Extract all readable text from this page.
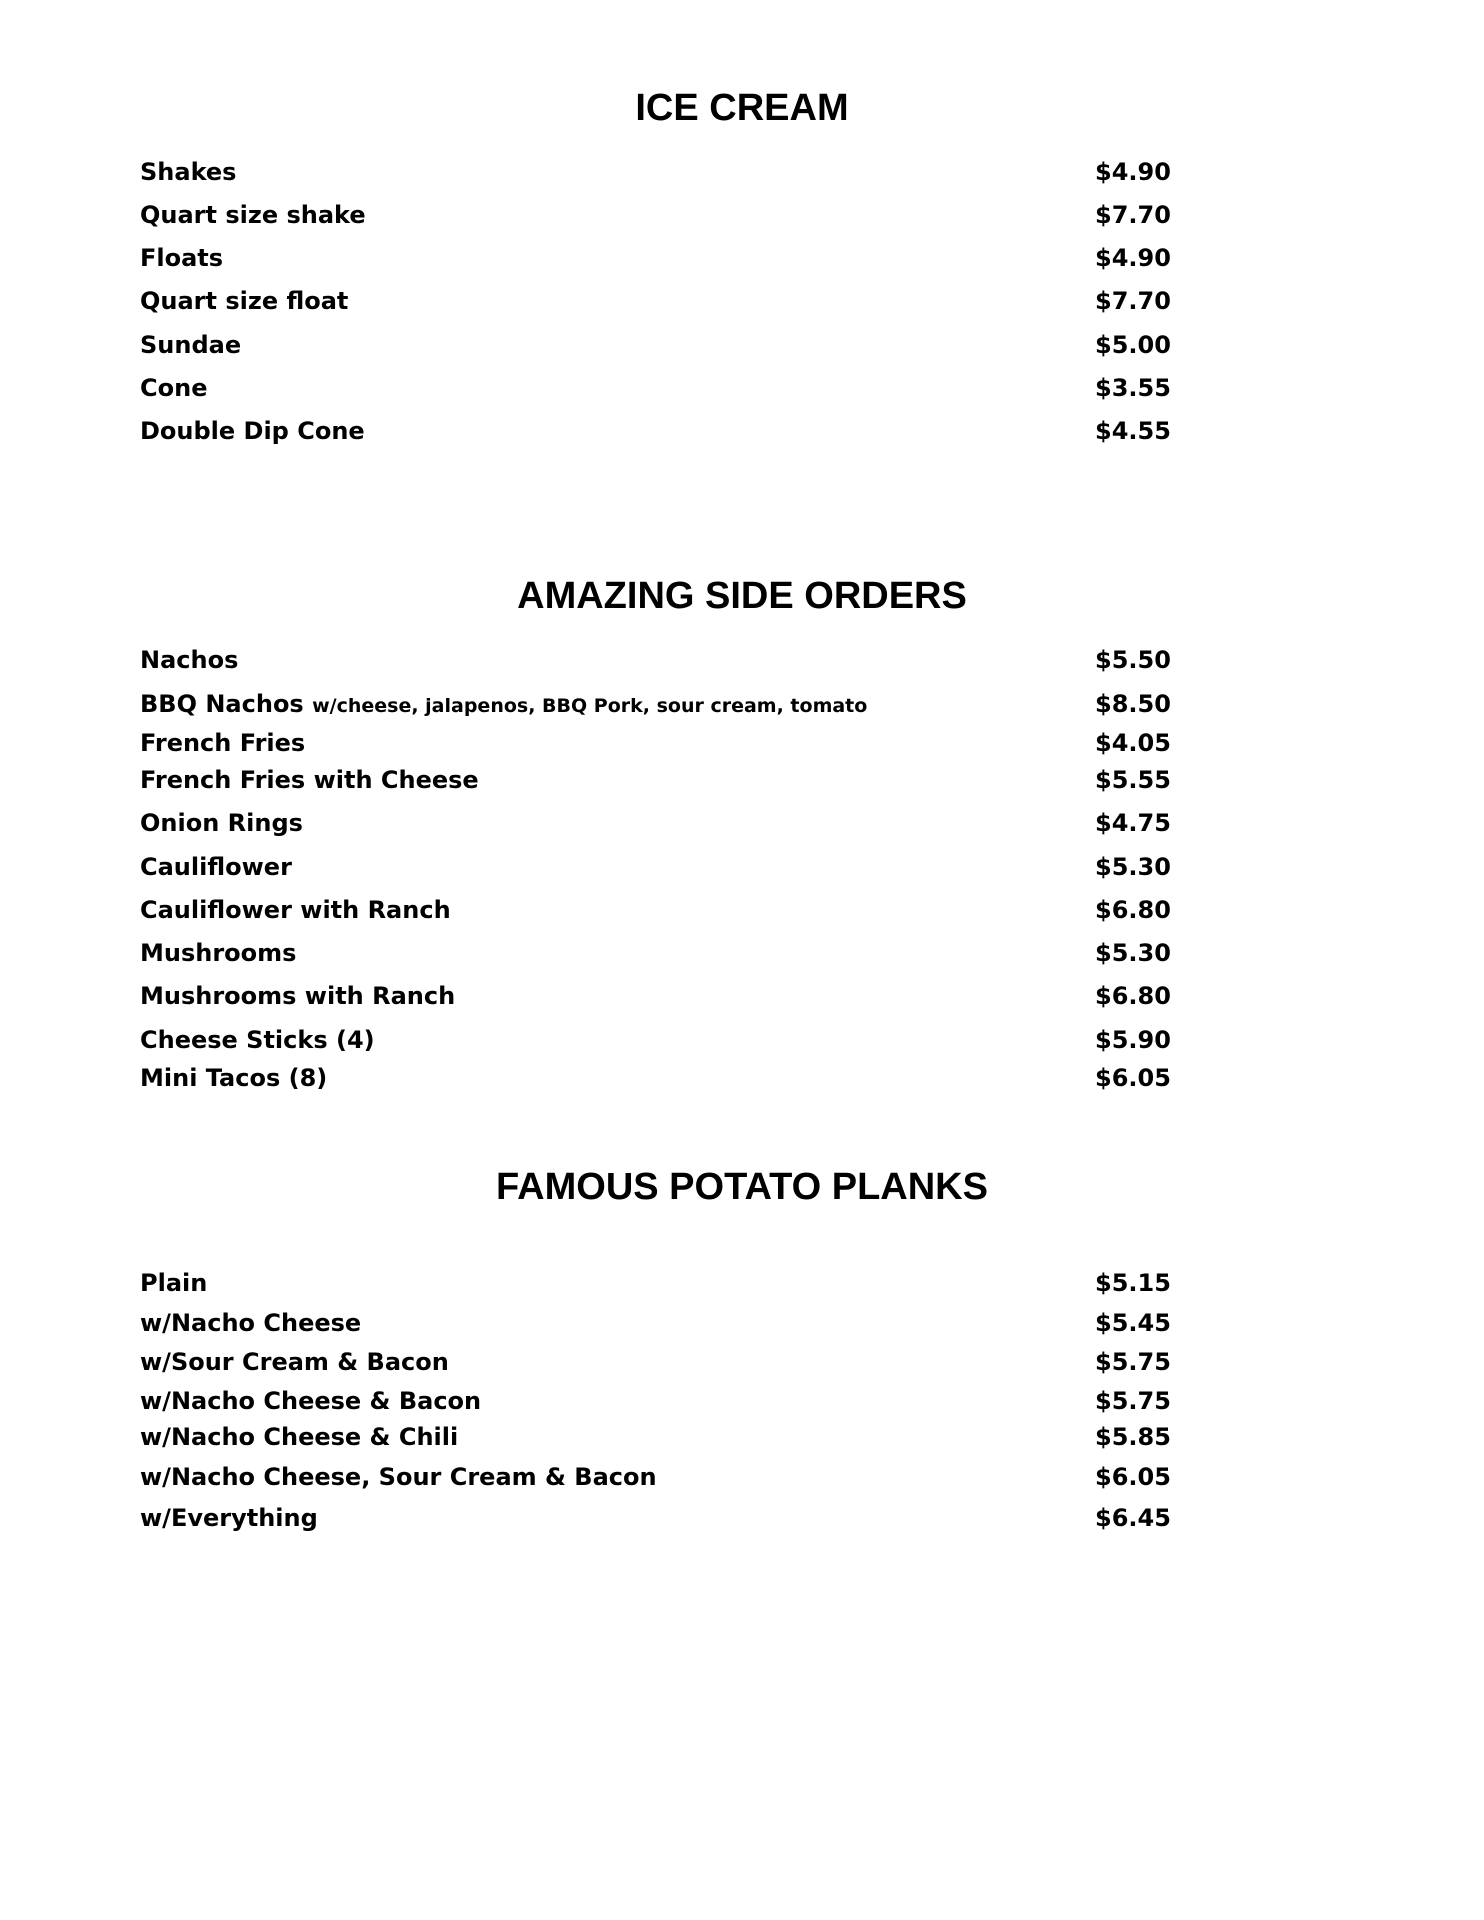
ICE CREAM
Shakes	$4.90
Quart size shake	$7.70
Floats	$4.90
Quart size float	$7.70
Sundae	$5.00
Cone	$3.55
Double Dip Cone	$4.55
AMAZING SIDE ORDERS
Nachos	$5.50
BBQ Nachos w/cheese, jalapenos, BBQ Pork, sour cream, tomato	$8.50
French Fries	$4.05
French Fries with Cheese	$5.55
Onion Rings	$4.75
Cauliflower	$5.30
Cauliflower with Ranch	$6.80
Mushrooms	$5.30
Mushrooms with Ranch	$6.80
Cheese Sticks (4)	$5.90
Mini Tacos (8)	$6.05
FAMOUS POTATO PLANKS
Plain	$5.15
w/Nacho Cheese	$5.45
w/Sour Cream & Bacon	$5.75
w/Nacho Cheese & Bacon	$5.75
w/Nacho Cheese & Chili	$5.85
w/Nacho Cheese, Sour Cream & Bacon	$6.05
w/Everything	$6.45
